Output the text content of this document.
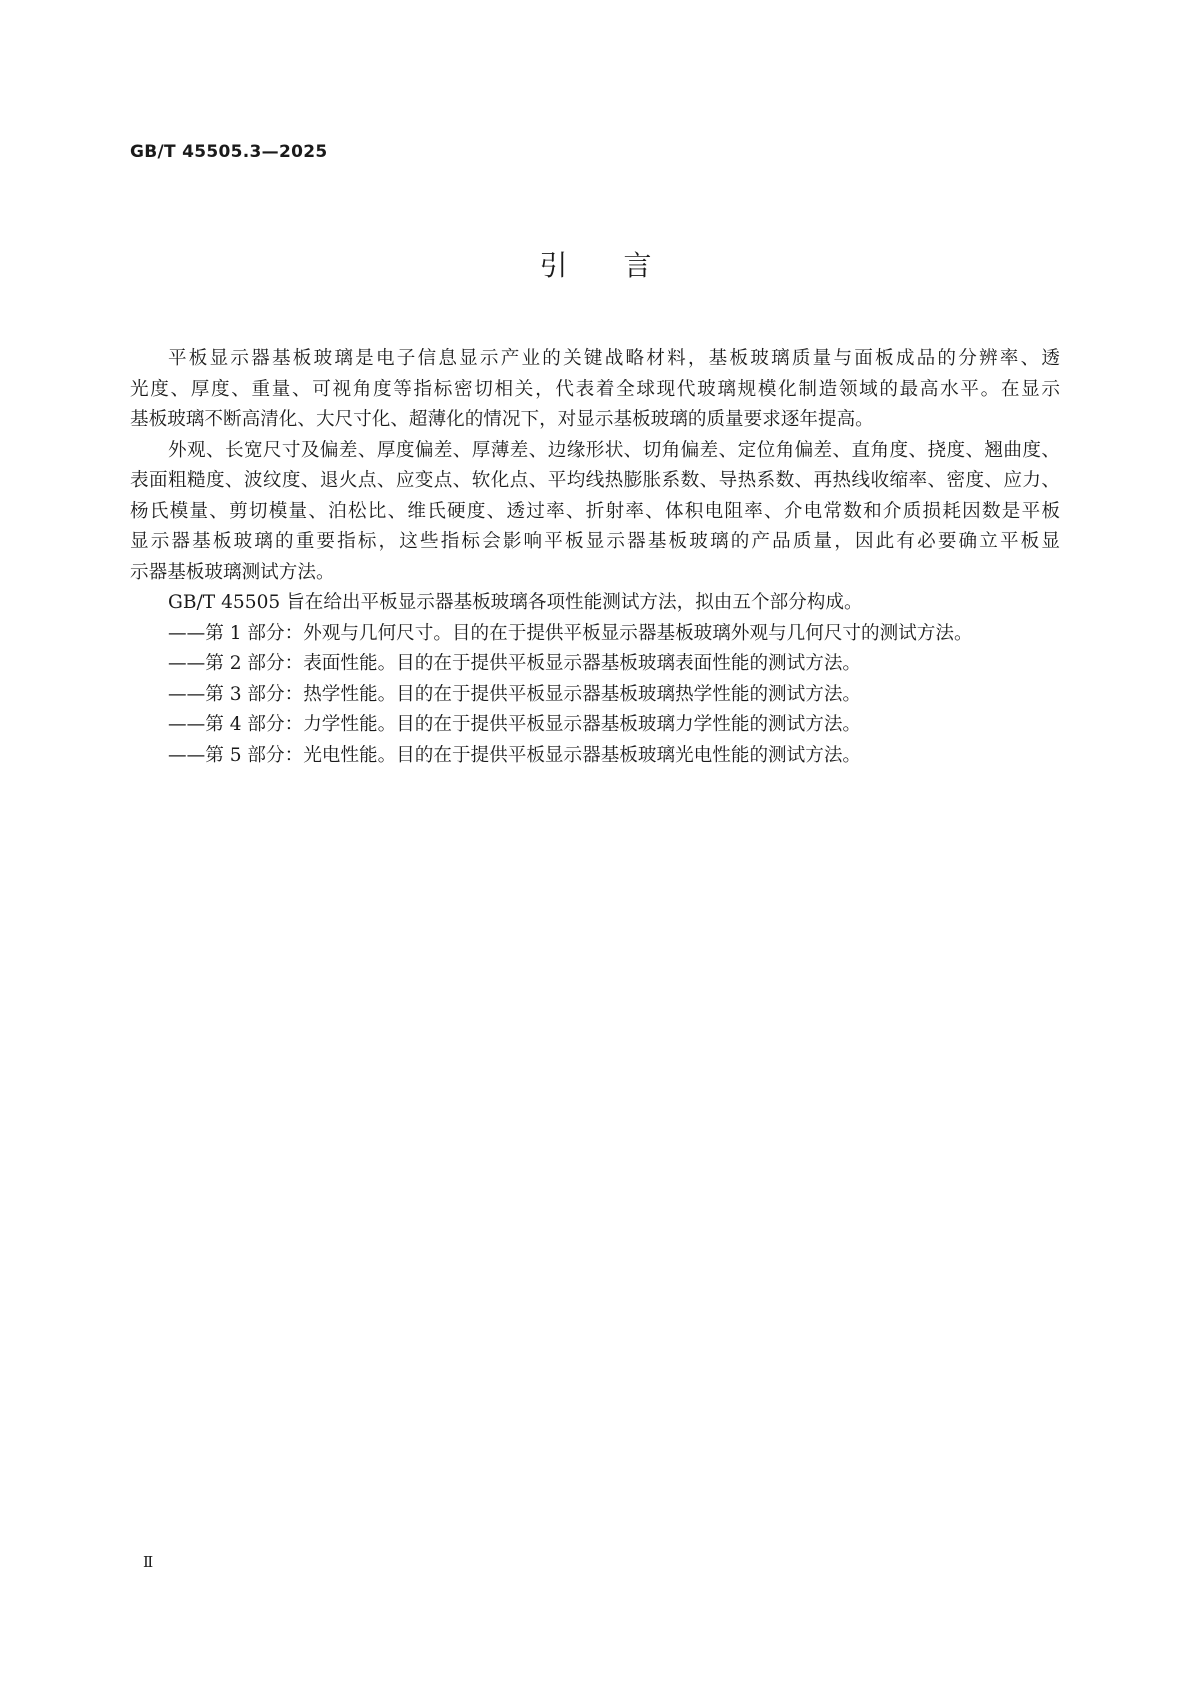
GB/T 45505.3—2025
引言
平板显示器基板玻璃是电子信息显示产业的关键战略材料，基板玻璃质量与面板成品的分辨率、透
光度、厚度、重量、可视角度等指标密切相关，代表着全球现代玻璃规模化制造领域的最高水平。在显示
基板玻璃不断高清化、大尺寸化、超薄化的情况下，对显示基板玻璃的质量要求逐年提高。
外观、长宽尺寸及偏差、厚度偏差、厚薄差、边缘形状、切角偏差、定位角偏差、直角度、挠度、翘曲度、
表面粗糙度、波纹度、退火点、应变点、软化点、平均线热膨胀系数、导热系数、再热线收缩率、密度、应力、
杨氏模量、剪切模量、泊松比、维氏硬度、透过率、折射率、体积电阻率、介电常数和介质损耗因数是平板
显示器基板玻璃的重要指标，这些指标会影响平板显示器基板玻璃的产品质量，因此有必要确立平板显
示器基板玻璃测试方法。
GB/T 45505 旨在给出平板显示器基板玻璃各项性能测试方法，拟由五个部分构成。
——第 1 部分：外观与几何尺寸。目的在于提供平板显示器基板玻璃外观与几何尺寸的测试方法。
——第 2 部分：表面性能。目的在于提供平板显示器基板玻璃表面性能的测试方法。
——第 3 部分：热学性能。目的在于提供平板显示器基板玻璃热学性能的测试方法。
——第 4 部分：力学性能。目的在于提供平板显示器基板玻璃力学性能的测试方法。
——第 5 部分：光电性能。目的在于提供平板显示器基板玻璃光电性能的测试方法。
Ⅱ
